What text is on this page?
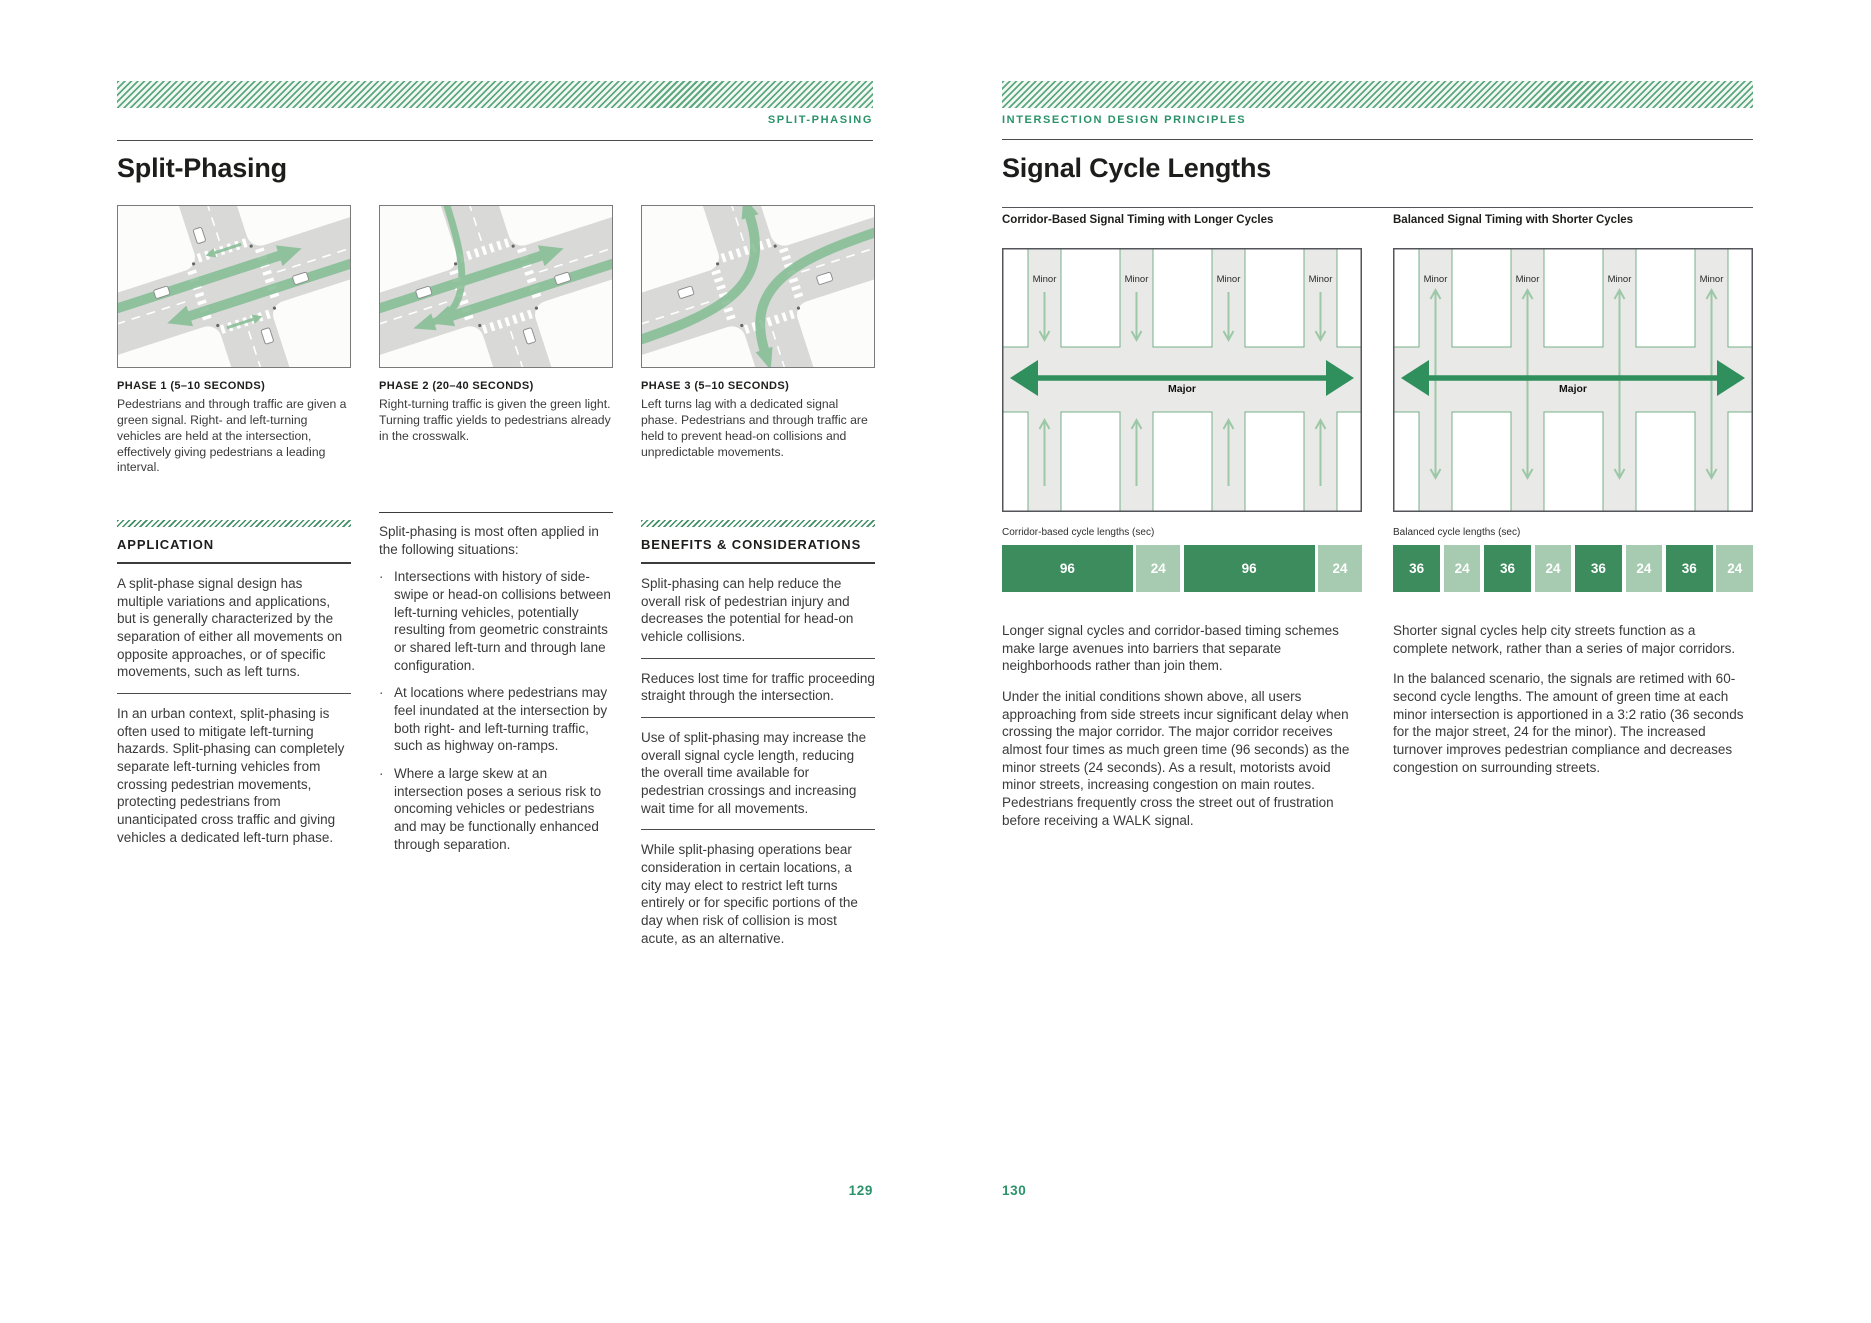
SPLIT-PHASING
Split-Phasing
PHASE 1 (5–10 SECONDS)
Pedestrians and through traffic are given a green signal. Right- and left-turning vehicles are held at the intersection, effectively giving pedestrians a leading interval.
PHASE 2 (20–40 SECONDS)
Right-turning traffic is given the green light. Turning traffic yields to pedestrians already in the crosswalk.
PHASE 3 (5–10 SECONDS)
Left turns lag with a dedicated signal phase. Pedestrians and through traffic are held to prevent head-on collisions and unpredictable movements.
APPLICATION

A split-phase signal design has multiple variations and applications, but is generally characterized by the separation of either all movements on opposite approaches, or of specific movements, such as left turns.

In an urban context, split-phasing is often used to mitigate left-turning hazards. Split-phasing can completely separate left-turning vehicles from crossing pedestrian movements, protecting pedestrians from unanticipated cross traffic and giving vehicles a dedicated left-turn phase.

Split-phasing is most often applied in the following situations:

· Intersections with history of side-swipe or head-on collisions between left-turning vehicles, potentially resulting from geometric constraints or shared left-turn and through lane configuration.
· At locations where pedestrians may feel inundated at the intersection by both right- and left-turning traffic, such as highway on-ramps.
· Where a large skew at an intersection poses a serious risk to oncoming vehicles or pedestrians and may be functionally enhanced through separation.
BENEFITS & CONSIDERATIONS

Split-phasing can help reduce the overall risk of pedestrian injury and decreases the potential for head-on vehicle collisions.

Reduces lost time for traffic proceeding straight through the intersection.

Use of split-phasing may increase the overall signal cycle length, reducing the overall time available for pedestrian crossings and increasing wait time for all movements.

While split-phasing operations bear consideration in certain locations, a city may elect to restrict left turns entirely or for specific portions of the day when risk of collision is most acute, as an alternative.

129
INTERSECTION DESIGN PRINCIPLES
Signal Cycle Lengths
Corridor-Based Signal Timing with Longer Cycles	Balanced Signal Timing with Shorter Cycles
Minor	Minor	Minor	Minor
Major
Minor	Minor	Minor	Minor
Major
Corridor-based cycle lengths (sec)	Balanced cycle lengths (sec)
96	24	96	24	36	24	36	24	36	24	36	24

Longer signal cycles and corridor-based timing schemes make large avenues into barriers that separate neighborhoods rather than join them.

Under the initial conditions shown above, all users approaching from side streets incur significant delay when crossing the major corridor. The major corridor receives almost four times as much green time (96 seconds) as the minor streets (24 seconds). As a result, motorists avoid minor streets, increasing congestion on main routes. Pedestrians frequently cross the street out of frustration before receiving a WALK signal.

Shorter signal cycles help city streets function as a complete network, rather than a series of major corridors.

In the balanced scenario, the signals are retimed with 60-second cycle lengths. The amount of green time at each minor intersection is apportioned in a 3:2 ratio (36 seconds for the major street, 24 for the minor). The increased turnover improves pedestrian compliance and decreases congestion on surrounding streets.

130
